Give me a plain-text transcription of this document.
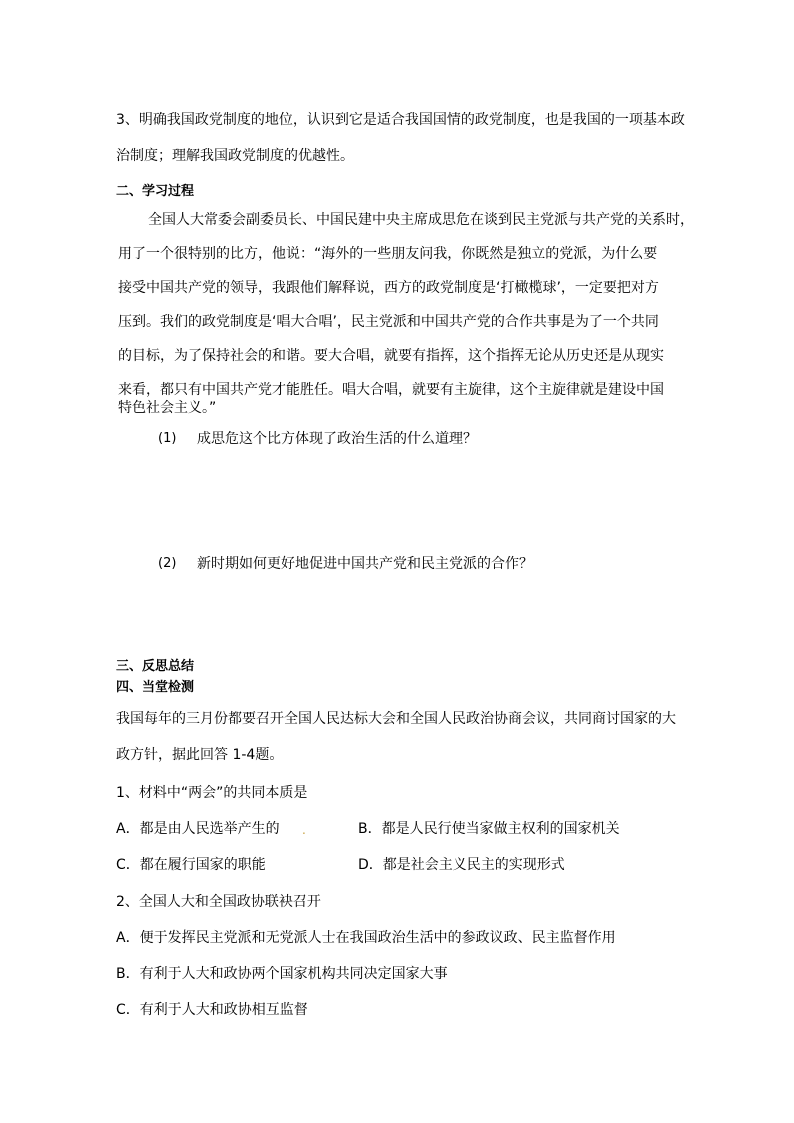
3、明确我国政党制度的地位，认识到它是适合我国国情的政党制度，也是我国的一项基本政
治制度；理解我国政党制度的优越性。
二、学习过程
全国人大常委会副委员长、中国民建中央主席成思危在谈到民主党派与共产党的关系时，
用了一个很特别的比方，他说：“海外的一些朋友问我，你既然是独立的党派，为什么要
接受中国共产党的领导，我跟他们解释说，西方的政党制度是‘打橄榄球’，一定要把对方
压到。我们的政党制度是‘唱大合唱’，民主党派和中国共产党的合作共事是为了一个共同
的目标，为了保持社会的和谐。要大合唱，就要有指挥，这个指挥无论从历史还是从现实
来看，都只有中国共产党才能胜任。唱大合唱，就要有主旋律，这个主旋律就是建设中国
特色社会主义。”
(1) 成思危这个比方体现了政治生活的什么道理？
(2) 新时期如何更好地促进中国共产党和民主党派的合作？
三、反思总结
四、当堂检测
我国每年的三月份都要召开全国人民达标大会和全国人民政治协商会议，共同商讨国家的大
政方针，据此回答 1-4题。
1、材料中“两会”的共同本质是
A．都是由人民选举产生的 .	B．都是人民行使当家做主权利的国家机关
C．都在履行国家的职能	D．都是社会主义民主的实现形式
2、全国人大和全国政协联袂召开
A．便于发挥民主党派和无党派人士在我国政治生活中的参政议政、民主监督作用
B．有利于人大和政协两个国家机构共同决定国家大事
C．有利于人大和政协相互监督
